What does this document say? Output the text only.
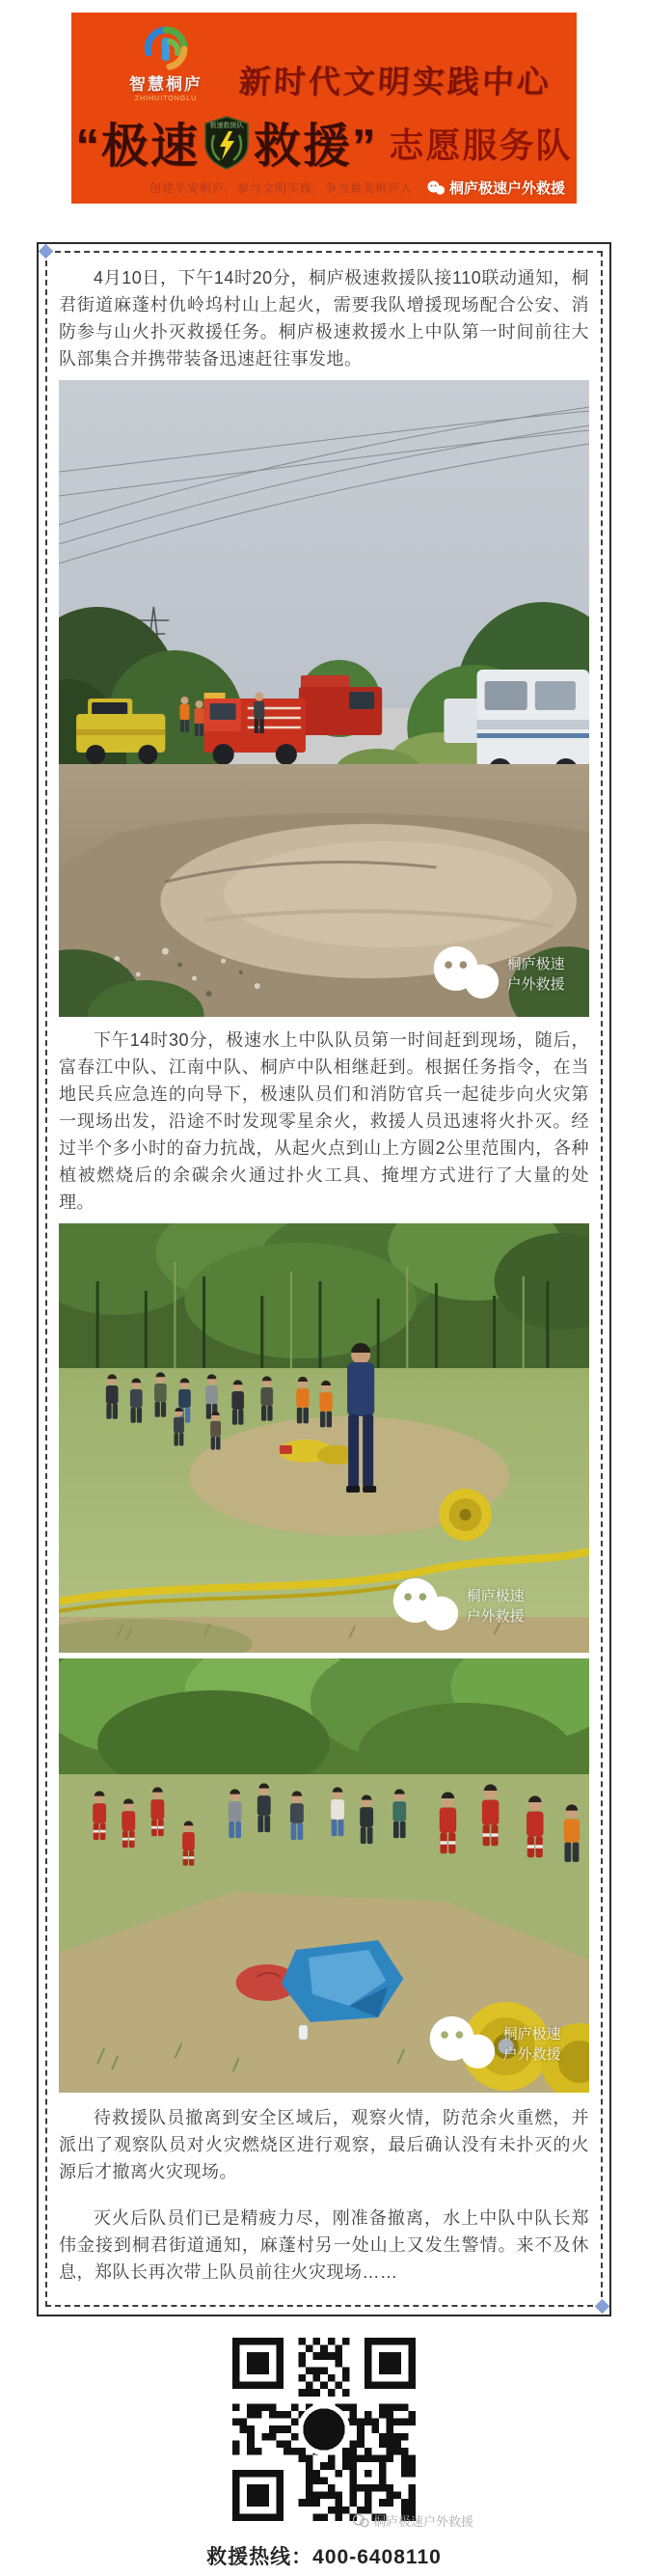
智慧桐庐
ZHIHUITONGLU	新时代文明实践中心
“极速 极速救援队 救援” 志愿服务队
创建平安桐庐，参与文明实践，争当最美桐庐人	桐庐极速户外救援

4月10日，下午14时20分，桐庐极速救援队接110联动通知，桐君街道麻蓬村仇岭坞村山上起火，需要我队增援现场配合公安、消防参与山火扑灭救援任务。桐庐极速救援水上中队第一时间前往大队部集合并携带装备迅速赶往事发地。

桐庐极速户外救援

下午14时30分，极速水上中队队员第一时间赶到现场，随后，富春江中队、江南中队、桐庐中队相继赶到。根据任务指令，在当地民兵应急连的向导下，极速队员们和消防官兵一起徒步向火灾第一现场出发，沿途不时发现零星余火，救援人员迅速将火扑灭。经过半个多小时的奋力抗战，从起火点到山上方圆2公里范围内，各种植被燃烧后的余碳余火通过扑火工具、掩埋方式进行了大量的处理。

桐庐极速户外救援
桐庐极速户外救援

待救援队员撤离到安全区域后，观察火情，防范余火重燃，并派出了观察队员对火灾燃烧区进行观察，最后确认没有未扑灭的火源后才撤离火灾现场。

灭火后队员们已是精疲力尽，刚准备撤离，水上中队中队长郑伟金接到桐君街道通知，麻蓬村另一处山上又发生警情。来不及休息，郑队长再次带上队员前往火灾现场……

桐庐极速户外救援
救援热线：400-6408110
